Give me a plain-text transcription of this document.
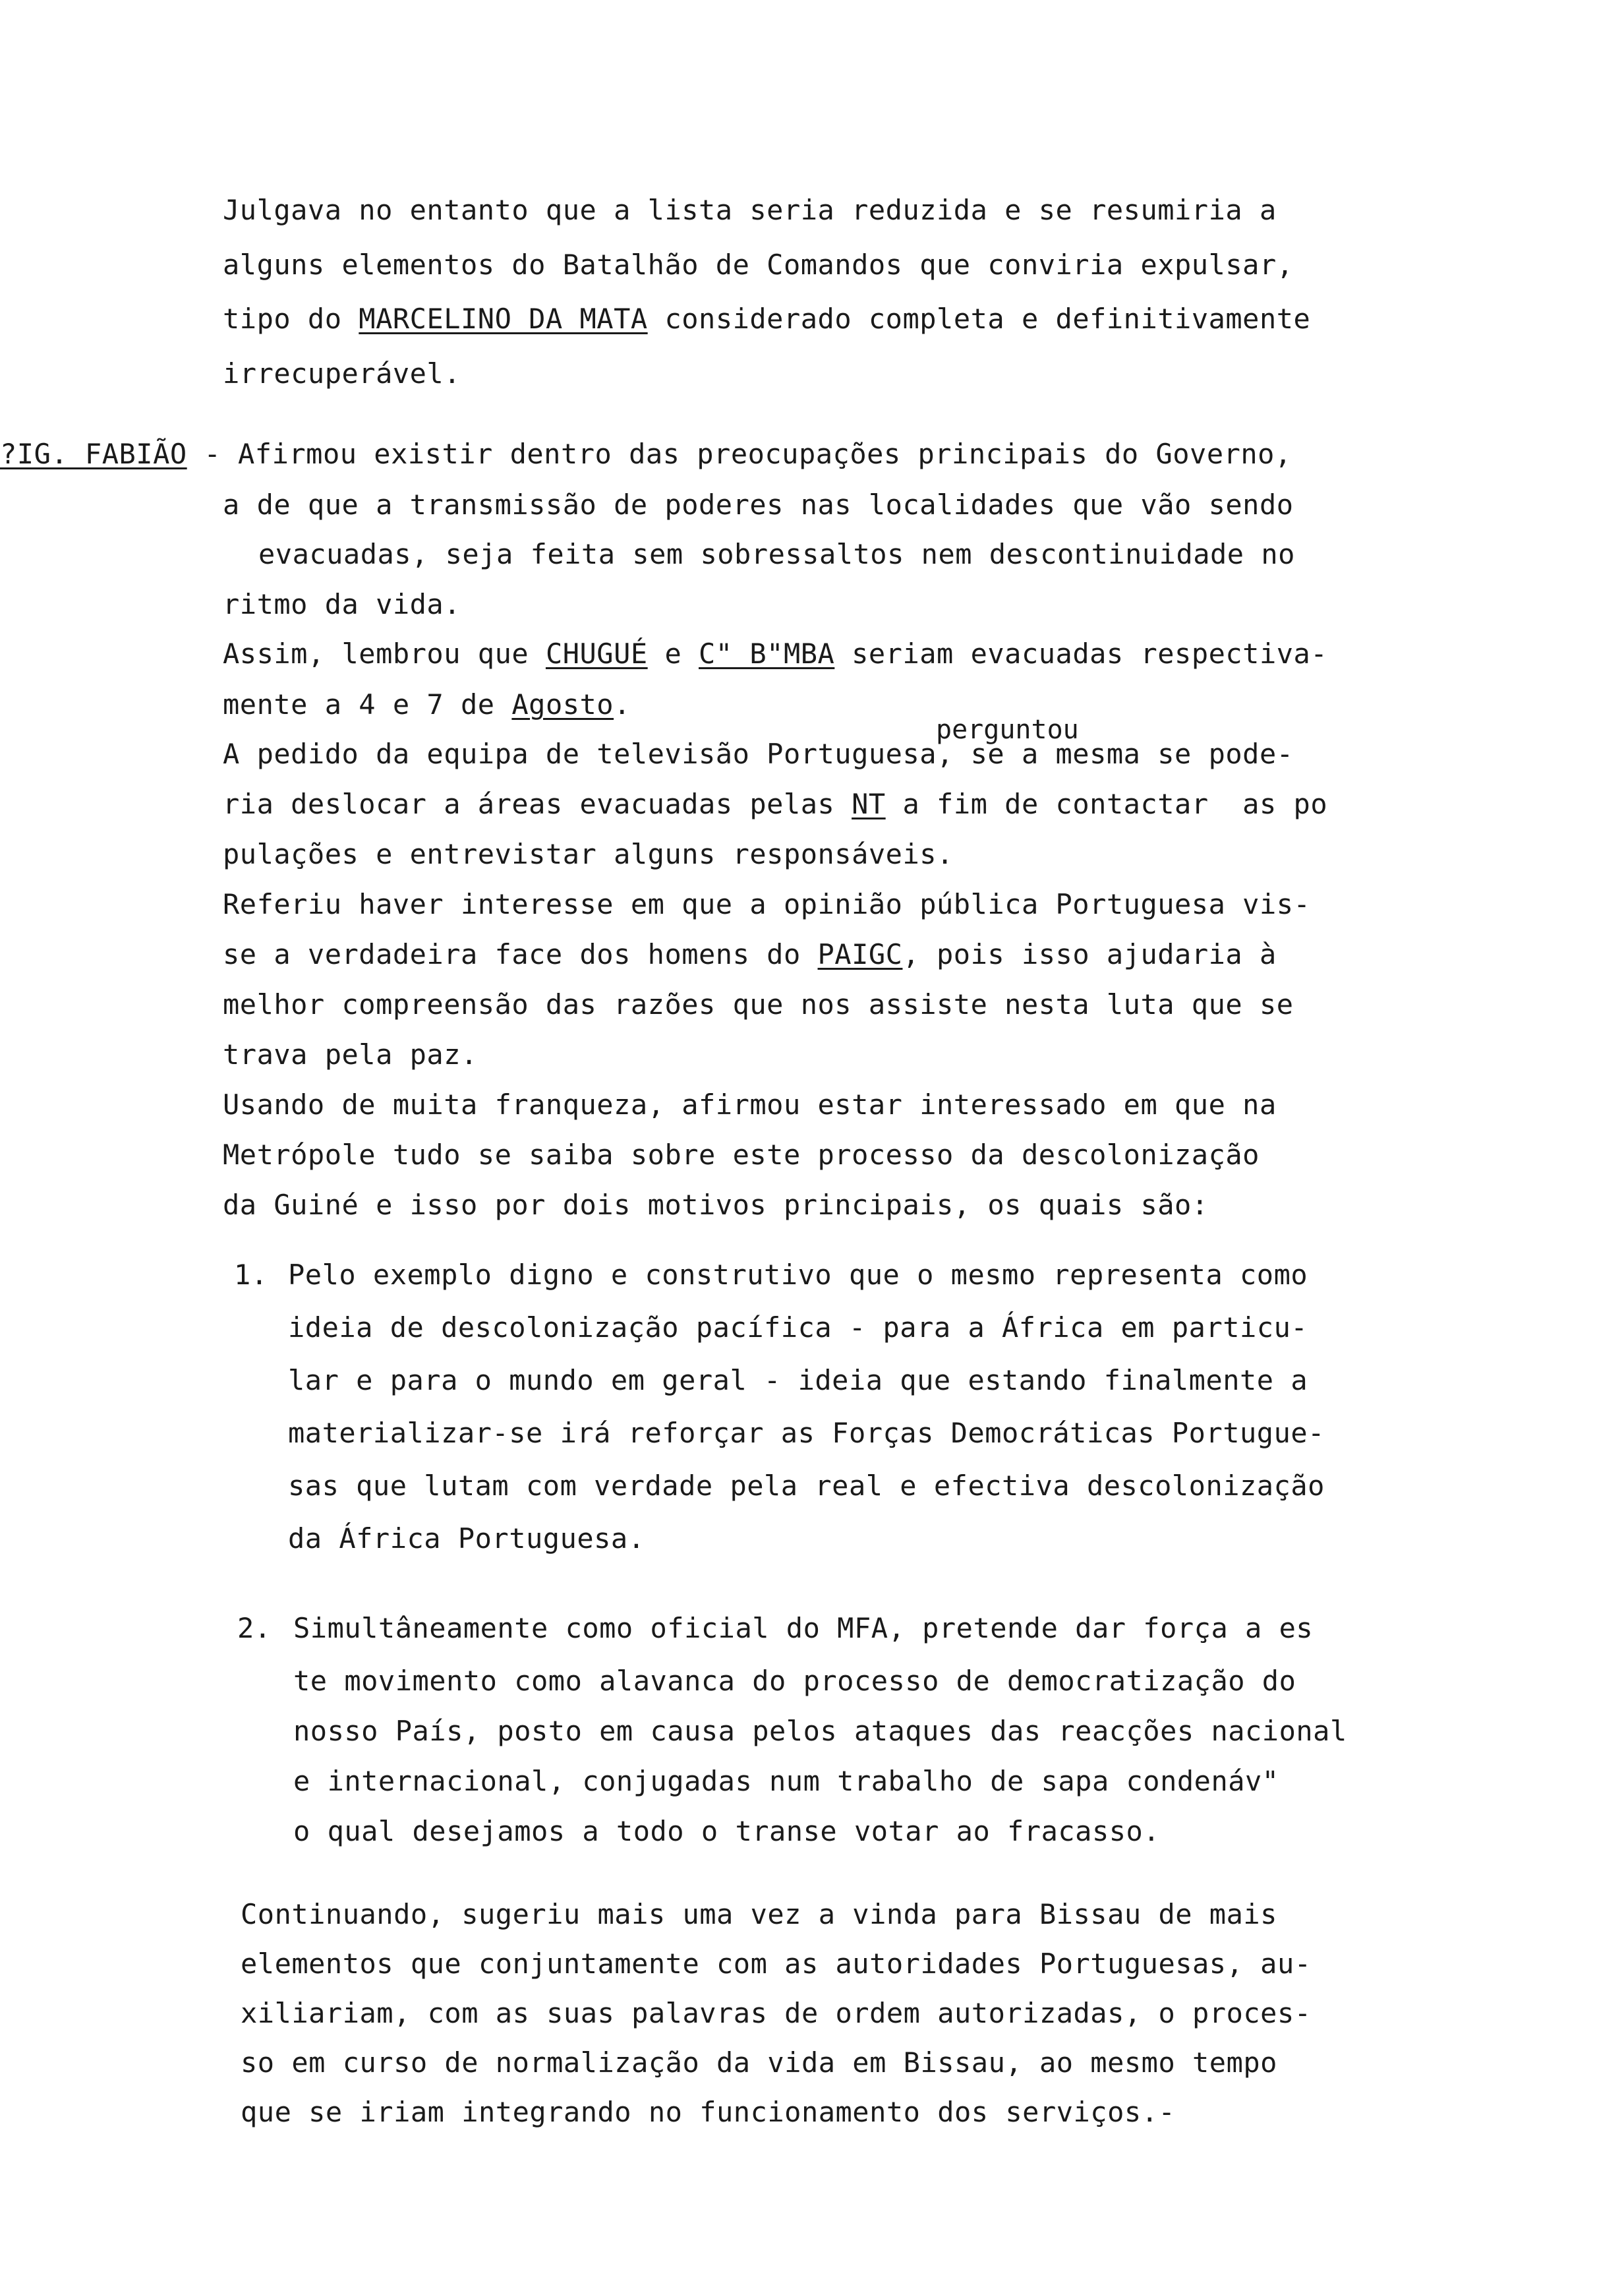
Julgava no entanto que a lista seria reduzida e se resumiria a
alguns elementos do Batalhão de Comandos que conviria expulsar,
tipo do MARCELINO DA MATA considerado completa e definitivamente
irrecuperável.
?IG. FABIÃO - Afirmou existir dentro das preocupações principais do Governo,
a de que a transmissão de poderes nas localidades que vão sendo
evacuadas, seja feita sem sobressaltos nem descontinuidade no
ritmo da vida.
Assim, lembrou que CHUGUÉ e C" B"MBA seriam evacuadas respectiva-
mente a 4 e 7 de Agosto.
perguntou
A pedido da equipa de televisão Portuguesa, se a mesma se pode-
ria deslocar a áreas evacuadas pelas NT a fim de contactar  as po
pulações e entrevistar alguns responsáveis.
Referiu haver interesse em que a opinião pública Portuguesa vis-
se a verdadeira face dos homens do PAIGC, pois isso ajudaria à
melhor compreensão das razões que nos assiste nesta luta que se
trava pela paz.
Usando de muita franqueza, afirmou estar interessado em que na
Metrópole tudo se saiba sobre este processo da descolonização
da Guiné e isso por dois motivos principais, os quais são:
1. Pelo exemplo digno e construtivo que o mesmo representa como
ideia de descolonização pacífica - para a África em particu-
lar e para o mundo em geral - ideia que estando finalmente a
materializar-se irá reforçar as Forças Democráticas Portugue-
sas que lutam com verdade pela real e efectiva descolonização
da África Portuguesa.
2. Simultâneamente como oficial do MFA, pretende dar força a es
te movimento como alavanca do processo de democratização do
nosso País, posto em causa pelos ataques das reacções nacional
e internacional, conjugadas num trabalho de sapa condenáv"
o qual desejamos a todo o transe votar ao fracasso.
Continuando, sugeriu mais uma vez a vinda para Bissau de mais
elementos que conjuntamente com as autoridades Portuguesas, au-
xiliariam, com as suas palavras de ordem autorizadas, o proces-
so em curso de normalização da vida em Bissau, ao mesmo tempo
que se iriam integrando no funcionamento dos serviços.-
